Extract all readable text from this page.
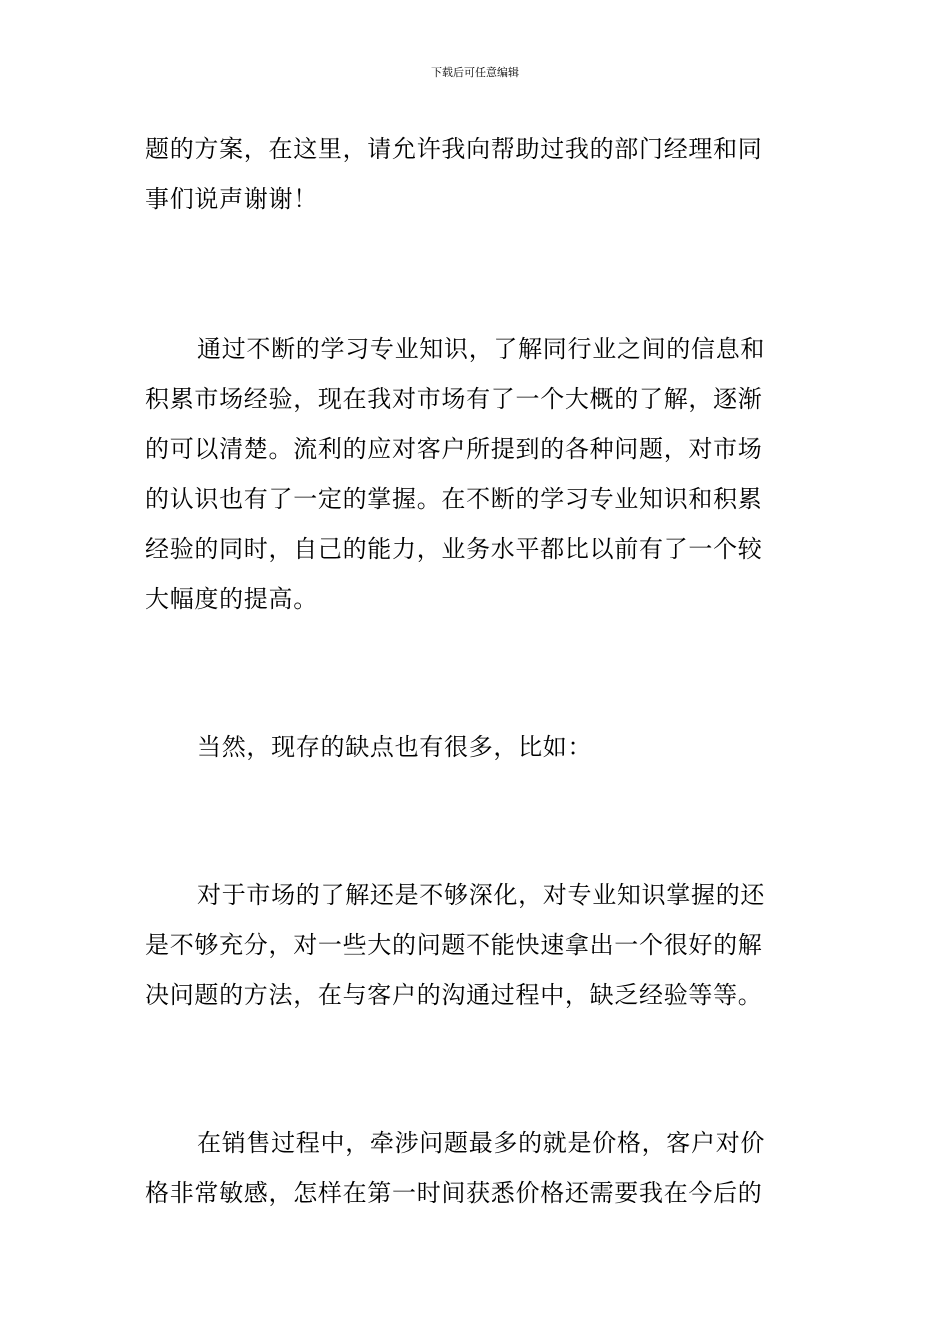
下载后可任意编辑
题的方案，在这里，请允许我向帮助过我的部门经理和同
事们说声谢谢！
通过不断的学习专业知识，了解同行业之间的信息和
积累市场经验，现在我对市场有了一个大概的了解，逐渐
的可以清楚。流利的应对客户所提到的各种问题，对市场
的认识也有了一定的掌握。在不断的学习专业知识和积累
经验的同时，自己的能力，业务水平都比以前有了一个较
大幅度的提高。
当然，现存的缺点也有很多，比如：
对于市场的了解还是不够深化，对专业知识掌握的还
是不够充分，对一些大的问题不能快速拿出一个很好的解
决问题的方法，在与客户的沟通过程中，缺乏经验等等。
在销售过程中，牵涉问题最多的就是价格，客户对价
格非常敏感，怎样在第一时间获悉价格还需要我在今后的
